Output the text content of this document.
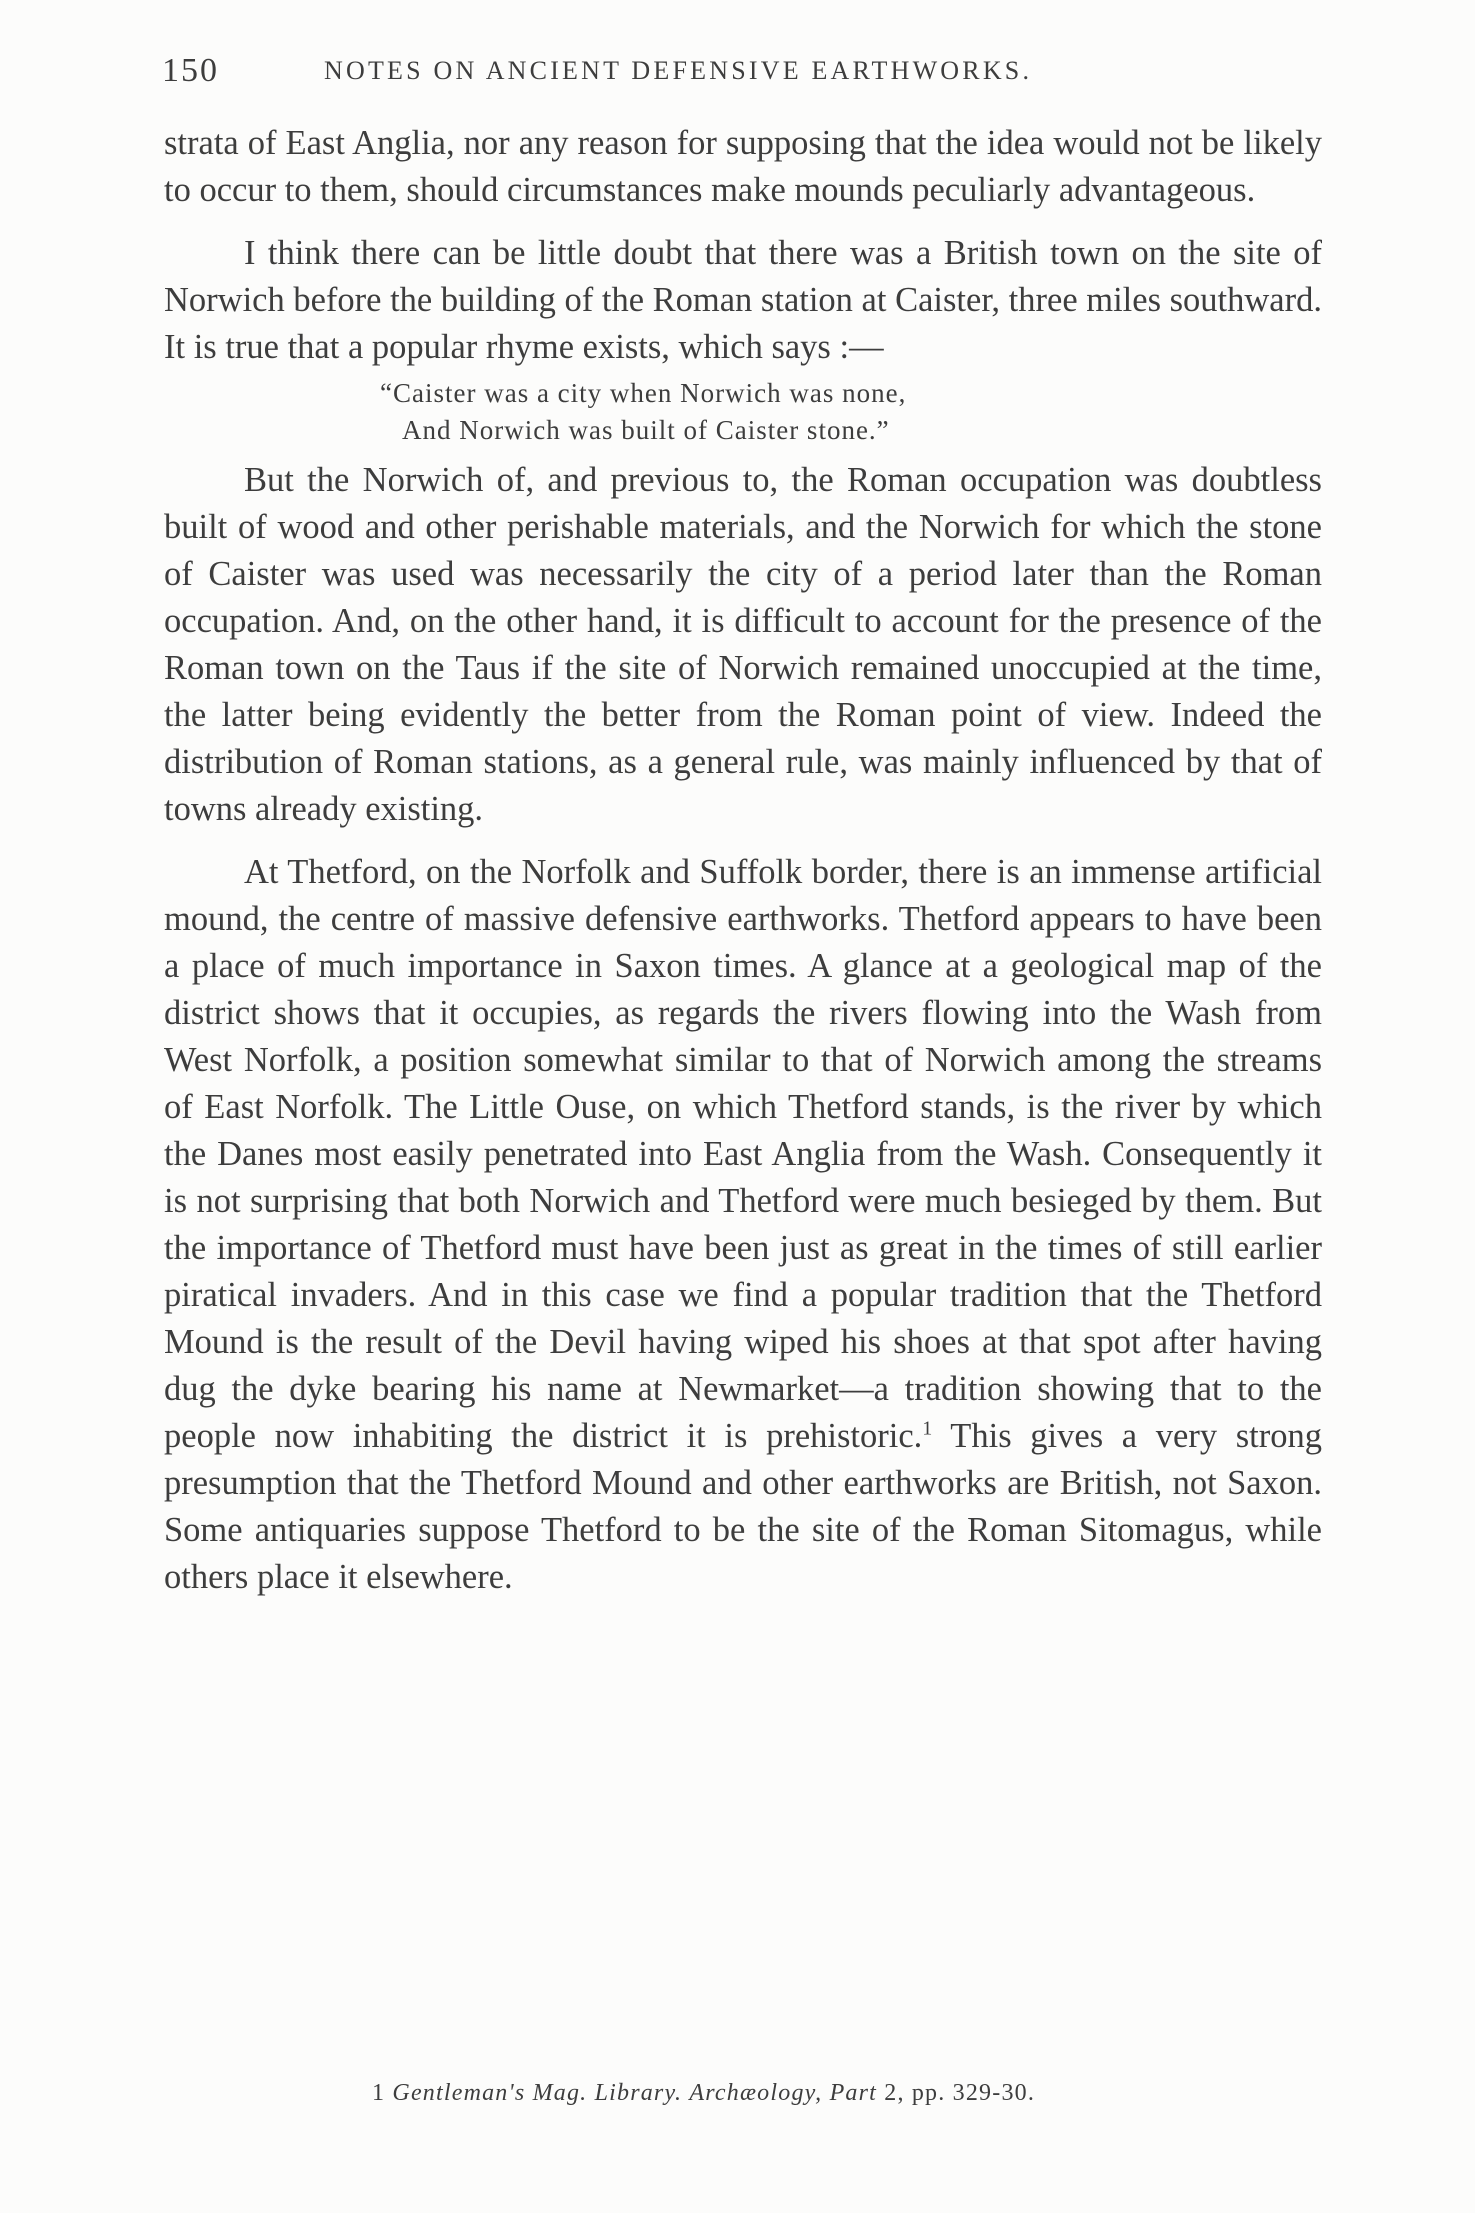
150	NOTES ON ANCIENT DEFENSIVE EARTHWORKS.

strata of East Anglia, nor any reason for supposing that the idea would not be likely to occur to them, should circumstances make mounds peculiarly advantageous.

I think there can be little doubt that there was a British town on the site of Norwich before the building of the Roman station at Caister, three miles southward. It is true that a popular rhyme exists, which says :—

“Caister was a city when Norwich was none,
And Norwich was built of Caister stone.”

But the Norwich of, and previous to, the Roman occupation was doubtless built of wood and other perishable materials, and the Norwich for which the stone of Caister was used was necessarily the city of a period later than the Roman occupation. And, on the other hand, it is difficult to account for the presence of the Roman town on the Taus if the site of Norwich remained unoccupied at the time, the latter being evidently the better from the Roman point of view. Indeed the distribution of Roman stations, as a general rule, was mainly influenced by that of towns already existing.

At Thetford, on the Norfolk and Suffolk border, there is an immense artificial mound, the centre of massive defensive earthworks. Thetford appears to have been a place of much importance in Saxon times. A glance at a geological map of the district shows that it occupies, as regards the rivers flowing into the Wash from West Norfolk, a position somewhat similar to that of Norwich among the streams of East Norfolk. The Little Ouse, on which Thetford stands, is the river by which the Danes most easily penetrated into East Anglia from the Wash. Consequently it is not surprising that both Norwich and Thetford were much besieged by them. But the importance of Thetford must have been just as great in the times of still earlier piratical invaders. And in this case we find a popular tradition that the Thetford Mound is the result of the Devil having wiped his shoes at that spot after having dug the dyke bearing his name at Newmarket—a tradition showing that to the people now inhabiting the district it is prehistoric.$^1$ This gives a very strong presumption that the Thetford Mound and other earthworks are British, not Saxon. Some antiquaries suppose Thetford to be the site of the Roman Sitomagus, while others place it elsewhere.

1 Gentleman's Mag. Library. Archæology, Part 2, pp. 329-30.
